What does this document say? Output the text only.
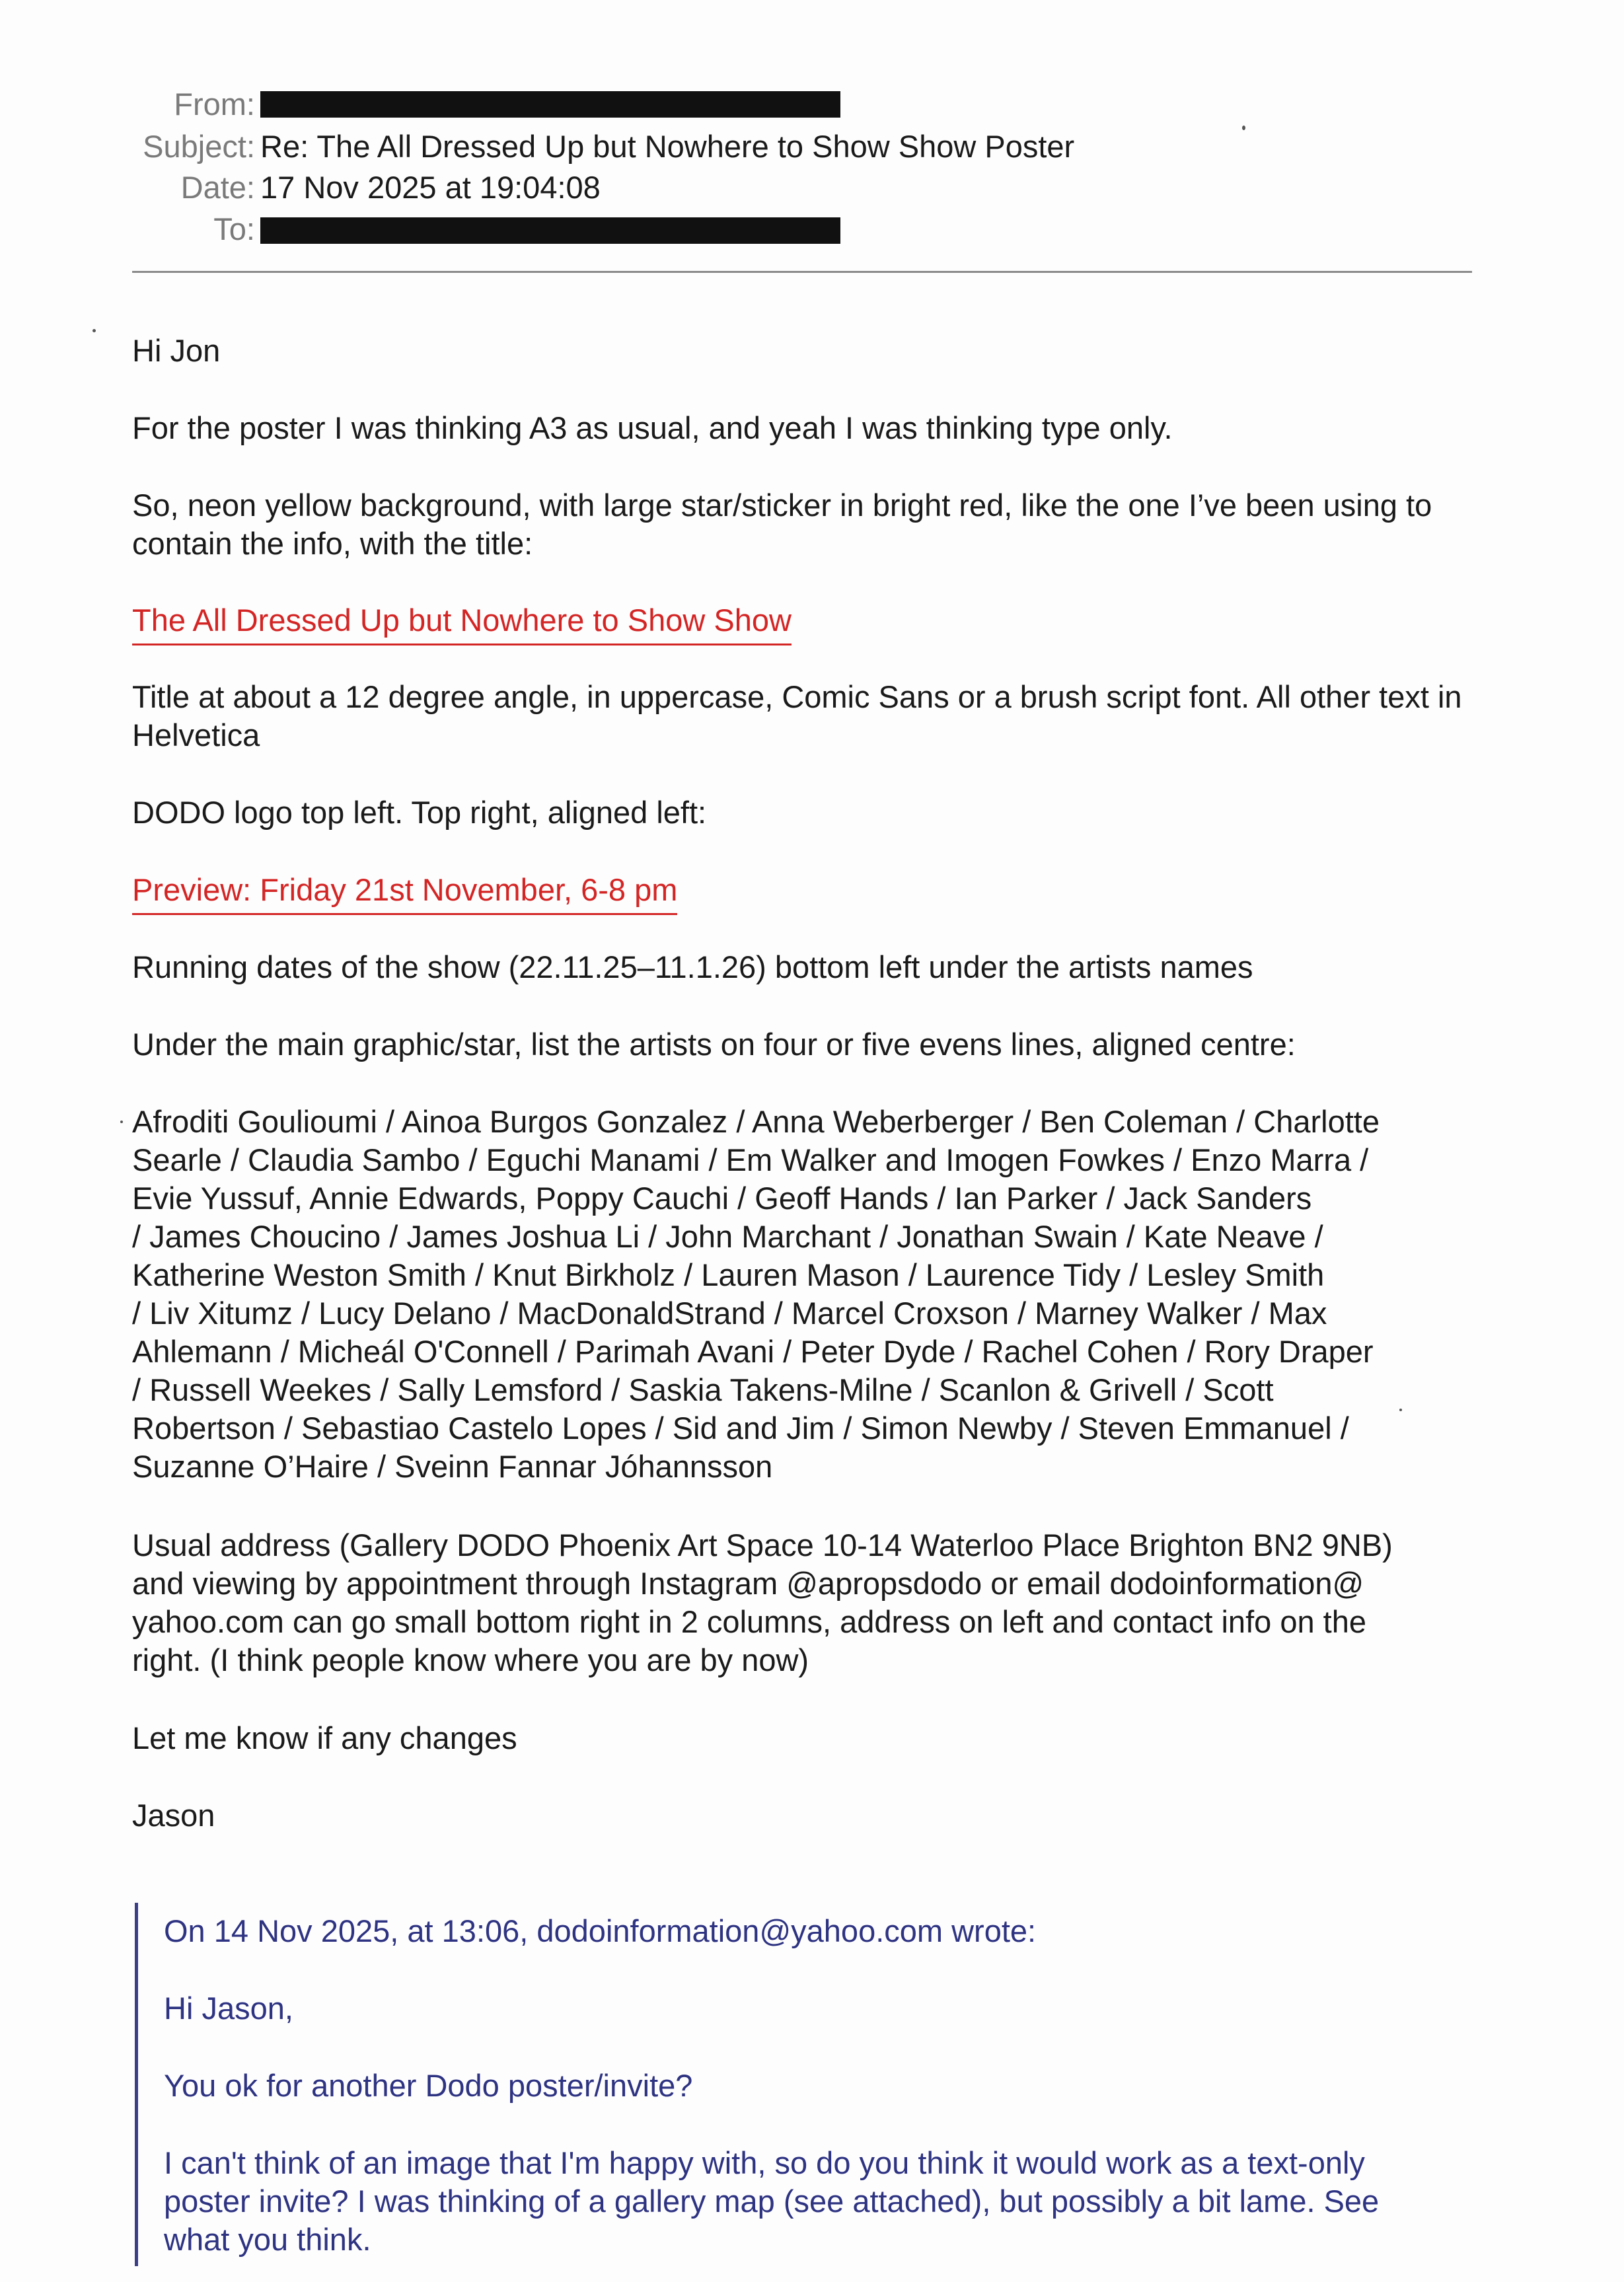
From:
Subject: Re: The All Dressed Up but Nowhere to Show Show Poster
Date: 17 Nov 2025 at 19:04:08
To:

Hi Jon

For the poster I was thinking A3 as usual, and yeah I was thinking type only.

So, neon yellow background, with large star/sticker in bright red, like the one I’ve been using to contain the info, with the title:

The All Dressed Up but Nowhere to Show Show

Title at about a 12 degree angle, in uppercase, Comic Sans or a brush script font. All other text in Helvetica

DODO logo top left. Top right, aligned left:

Preview: Friday 21st November, 6-8 pm

Running dates of the show (22.11.25–11.1.26) bottom left under the artists names

Under the main graphic/star, list the artists on four or five evens lines, aligned centre:

Afroditi Goulioumi / Ainoa Burgos Gonzalez / Anna Weberberger / Ben Coleman / Charlotte
Searle / Claudia Sambo / Eguchi Manami / Em Walker and Imogen Fowkes / Enzo Marra /
Evie Yussuf, Annie Edwards, Poppy Cauchi / Geoff Hands / Ian Parker / Jack Sanders
/ James Choucino / James Joshua Li / John Marchant / Jonathan Swain / Kate Neave /
Katherine Weston Smith / Knut Birkholz / Lauren Mason / Laurence Tidy / Lesley Smith
/ Liv Xitumz / Lucy Delano / MacDonaldStrand / Marcel Croxson / Marney Walker / Max
Ahlemann / Micheál O'Connell / Parimah Avani / Peter Dyde / Rachel Cohen / Rory Draper
/ Russell Weekes / Sally Lemsford / Saskia Takens-Milne / Scanlon & Grivell / Scott
Robertson / Sebastiao Castelo Lopes / Sid and Jim / Simon Newby / Steven Emmanuel /
Suzanne O’Haire / Sveinn Fannar Jóhannsson
Usual address (Gallery DODO Phoenix Art Space 10-14 Waterloo Place Brighton BN2 9NB)
and viewing by appointment through Instagram @apropsdodo or email dodoinformation@
yahoo.com can go small bottom right in 2 columns, address on left and contact info on the
right. (I think people know where you are by now)

Let me know if any changes

Jason

On 14 Nov 2025, at 13:06, dodoinformation@yahoo.com wrote:

Hi Jason,

You ok for another Dodo poster/invite?

I can't think of an image that I'm happy with, so do you think it would work as a text-only
poster invite? I was thinking of a gallery map (see attached), but possibly a bit lame. See
what you think.
